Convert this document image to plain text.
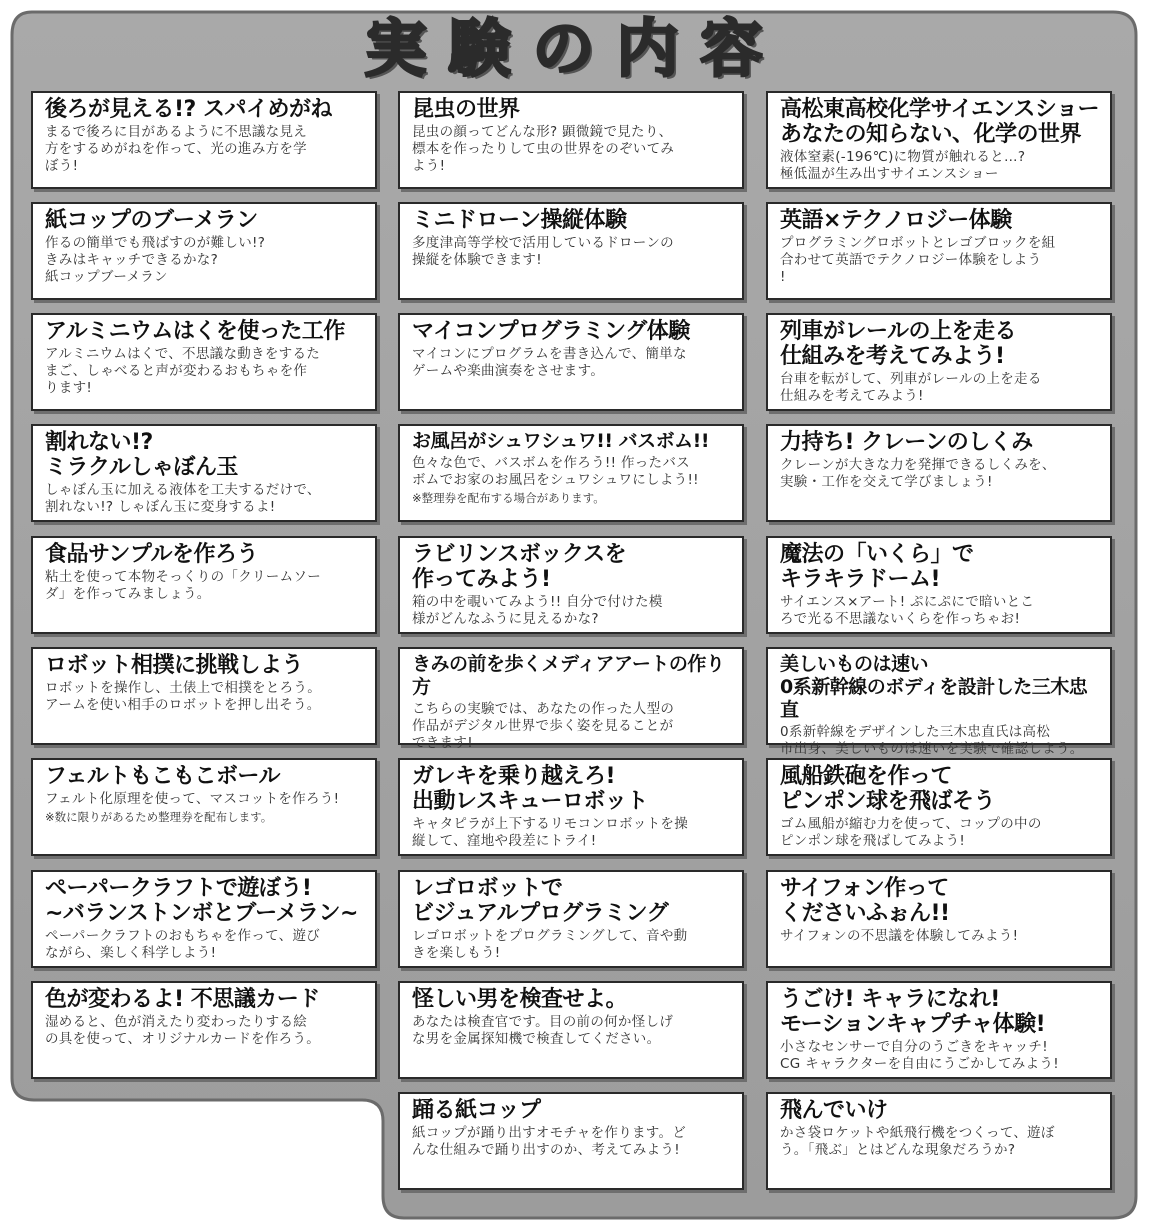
実験の内容
後ろが見える!? スパイめがね
まるで後ろに目があるように不思議な見え
方をするめがねを作って、光の進み方を学
ぼう!
昆虫の世界
昆虫の顔ってどんな形? 顕微鏡で見たり、
標本を作ったりして虫の世界をのぞいてみ
よう!
高松東高校化学サイエンスショー
あなたの知らない、化学の世界
液体窒素(-196℃)に物質が触れると…?
極低温が生み出すサイエンスショー
紙コップのブーメラン
作るの簡単でも飛ばすのが難しい!?
きみはキャッチできるかな?
紙コップブーメラン
ミニドローン操縦体験
多度津高等学校で活用しているドローンの
操縦を体験できます!
英語×テクノロジー体験
プログラミングロボットとレゴブロックを組
合わせて英語でテクノロジー体験をしよう
!
アルミニウムはくを使った工作
アルミニウムはくで、不思議な動きをするた
まご、しゃべると声が変わるおもちゃを作
ります!
マイコンプログラミング体験
マイコンにプログラムを書き込んで、簡単な
ゲームや楽曲演奏をさせます。
列車がレールの上を走る
仕組みを考えてみよう!
台車を転がして、列車がレールの上を走る
仕組みを考えてみよう!
割れない!?
ミラクルしゃぼん玉
しゃぼん玉に加える液体を工夫するだけで、
割れない!? しゃぼん玉に変身するよ!
お風呂がシュワシュワ!! バスボム!!
色々な色で、バスボムを作ろう!! 作ったバス
ボムでお家のお風呂をシュワシュワにしよう!!
※整理券を配布する場合があります。
力持ち! クレーンのしくみ
クレーンが大きな力を発揮できるしくみを、
実験・工作を交えて学びましょう!
食品サンプルを作ろう
粘土を使って本物そっくりの「クリームソー
ダ」を作ってみましょう。
ラビリンスボックスを
作ってみよう!
箱の中を覗いてみよう!! 自分で付けた模
様がどんなふうに見えるかな?
魔法の「いくら」で
キラキラドーム!
サイエンス×アート! ぷにぷにで暗いとこ
ろで光る不思議ないくらを作っちゃお!
ロボット相撲に挑戦しよう
ロボットを操作し、土俵上で相撲をとろう。
アームを使い相手のロボットを押し出そう。
きみの前を歩くメディアアートの作り方
こちらの実験では、あなたの作った人型の
作品がデジタル世界で歩く姿を見ることが
できます!
美しいものは速い
0系新幹線のボディを設計した三木忠直
0系新幹線をデザインした三木忠直氏は高松
市出身、美しいものは速いを実験で確認しよう。
フェルトもこもこボール
フェルト化原理を使って、マスコットを作ろう!
※数に限りがあるため整理券を配布します。
ガレキを乗り越えろ!
出動レスキューロボット
キャタピラが上下するリモコンロボットを操
縦して、窪地や段差にトライ!
風船鉄砲を作って
ピンポン球を飛ばそう
ゴム風船が縮む力を使って、コップの中の
ピンポン球を飛ばしてみよう!
ペーパークラフトで遊ぼう!
~バランストンボとブーメラン~
ペーパークラフトのおもちゃを作って、遊び
ながら、楽しく科学しよう!
レゴロボットで
ビジュアルプログラミング
レゴロボットをプログラミングして、音や動
きを楽しもう!
サイフォン作って
くださいふぉん!!
サイフォンの不思議を体験してみよう!
色が変わるよ! 不思議カード
湿めると、色が消えたり変わったりする絵
の具を使って、オリジナルカードを作ろう。
怪しい男を検査せよ。
あなたは検査官です。目の前の何か怪しげ
な男を金属探知機で検査してください。
うごけ! キャラになれ!
モーションキャプチャ体験!
小さなセンサーで自分のうごきをキャッチ!
CG キャラクターを自由にうごかしてみよう!
踊る紙コップ
紙コップが踊り出すオモチャを作ります。ど
んな仕組みで踊り出すのか、考えてみよう!
飛んでいけ
かさ袋ロケットや紙飛行機をつくって、遊ぼ
う。「飛ぶ」とはどんな現象だろうか?
